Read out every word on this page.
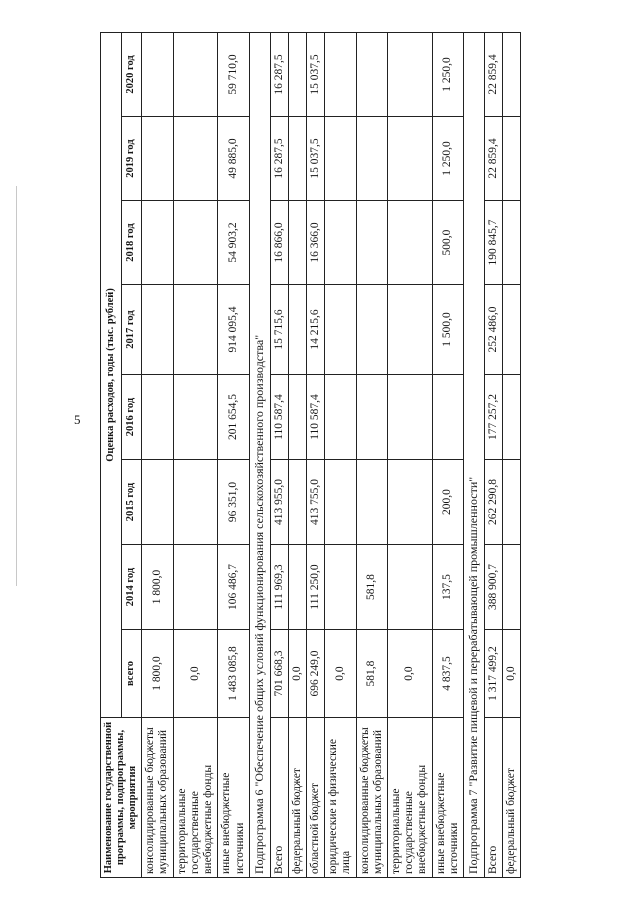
5
Наименование государственной программы, подпрограммы, мероприятия	Оценка расходов, годы (тыс. рублей)							
	всего	2014 год	2015 год	2016 год	2017 год	2018 год	2019 год	2020 год
консолидированные бюджеты муниципальных образований	1 800,0	1 800,0						
территориальные государственные внебюджетные фонды	0,0							
иные внебюджетные источники	1 483 085,8	106 486,7	96 351,0	201 654,5	914 095,4	54 903,2	49 885,0	59 710,0
Подпрограмма 6 "Обеспечение общих условий функционирования сельскохозяйственного производства"								
Всего	701 668,3	111 969,3	413 955,0	110 587,4	15 715,6	16 866,0	16 287,5	16 287,5
федеральный бюджет	0,0							
областной бюджет	696 249,0	111 250,0	413 755,0	110 587,4	14 215,6	16 366,0	15 037,5	15 037,5
юридические и физические лица	0,0							
консолидированные бюджеты муниципальных образований	581,8	581,8						
территориальные государственные внебюджетные фонды	0,0							
иные внебюджетные источники	4 837,5	137,5	200,0		1 500,0	500,0	1 250,0	1 250,0
Подпрограмма 7 "Развитие пищевой и перерабатывающей промышленности"								
Всего	1 317 499,2	388 900,7	262 290,8	177 257,2	252 486,0	190 845,7	22 859,4	22 859,4
федеральный бюджет	0,0							
